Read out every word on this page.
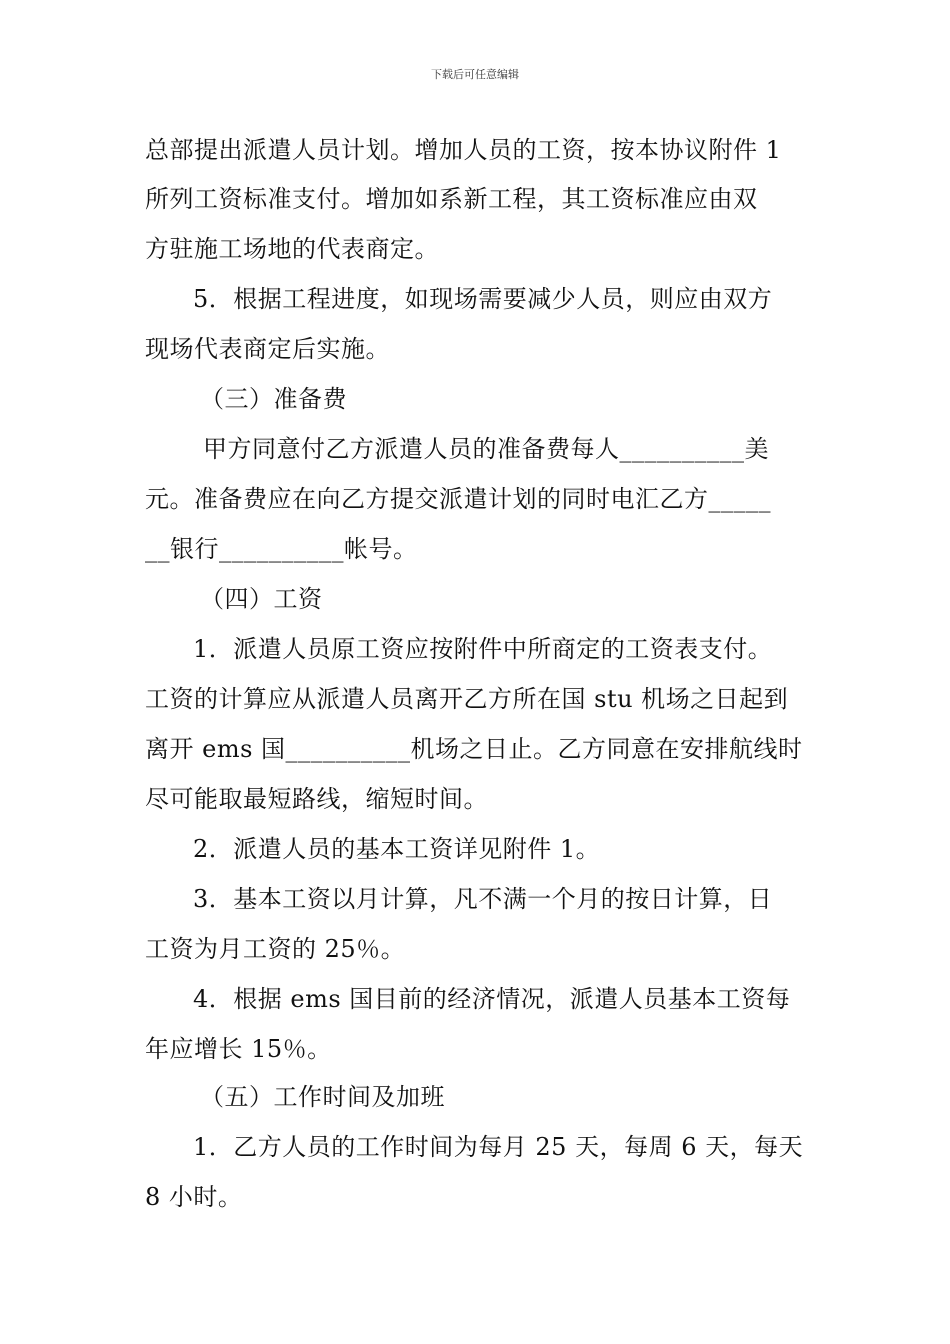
下载后可任意编辑
总部提出派遣人员计划。增加人员的工资，按本协议附件 1
所列工资标准支付。增加如系新工程，其工资标准应由双
方驻施工场地的代表商定。
5．根据工程进度，如现场需要减少人员，则应由双方
现场代表商定后实施。
（三）准备费
甲方同意付乙方派遣人员的准备费每人__________美
元。准备费应在向乙方提交派遣计划的同时电汇乙方_____
__银行__________帐号。
（四）工资
1．派遣人员原工资应按附件中所商定的工资表支付。
工资的计算应从派遣人员离开乙方所在国 stu 机场之日起到
离开 ems 国__________机场之日止。乙方同意在安排航线时
尽可能取最短路线，缩短时间。
2．派遣人员的基本工资详见附件 1。
3．基本工资以月计算，凡不满一个月的按日计算，日
工资为月工资的 25％。
4．根据 ems 国目前的经济情况，派遣人员基本工资每
年应增长 15％。
（五）工作时间及加班
1．乙方人员的工作时间为每月 25 天，每周 6 天，每天
8 小时。
